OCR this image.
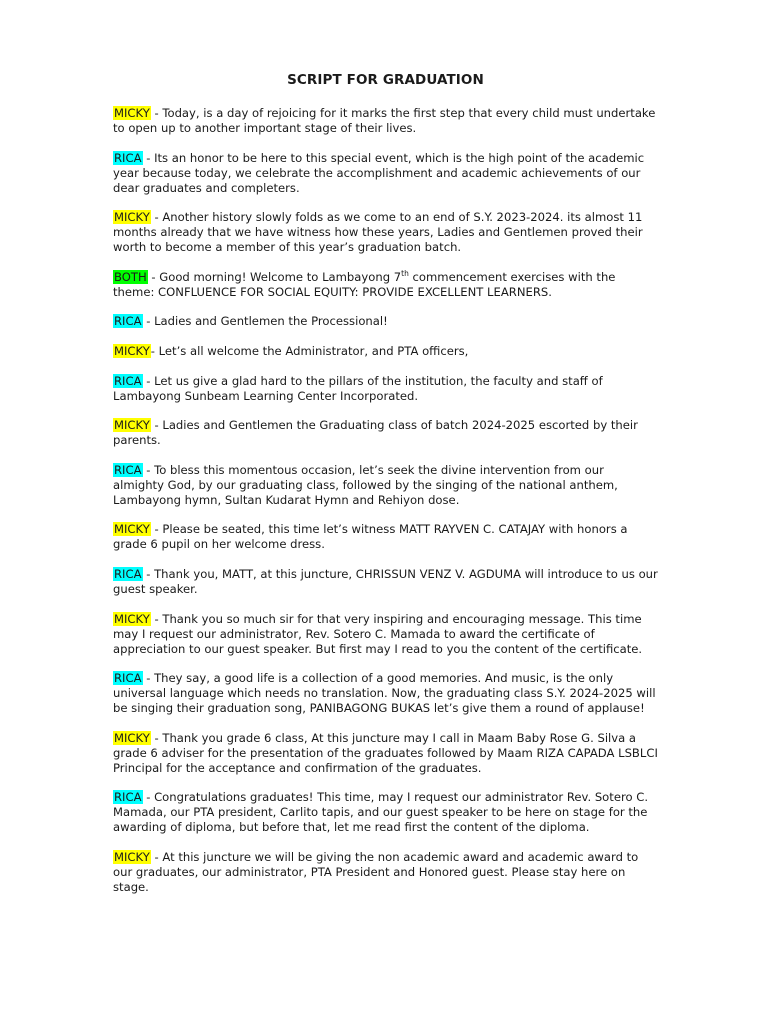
SCRIPT FOR GRADUATION
MICKY - Today, is a day of rejoicing for it marks the first step that every child must undertake to open up to another important stage of their lives.
RICA - Its an honor to be here to this special event, which is the high point of the academic year because today, we celebrate the accomplishment and academic achievements of our dear graduates and completers.
MICKY - Another history slowly folds as we come to an end of S.Y. 2023-2024. its almost 11 months already that we have witness how these years, Ladies and Gentlemen proved their worth to become a member of this year’s graduation batch.
BOTH - Good morning! Welcome to Lambayong 7th commencement exercises with the theme: CONFLUENCE FOR SOCIAL EQUITY: PROVIDE EXCELLENT LEARNERS.
RICA - Ladies and Gentlemen the Processional!
MICKY- Let’s all welcome the Administrator, and PTA officers,
RICA - Let us give a glad hard to the pillars of the institution, the faculty and staff of Lambayong Sunbeam Learning Center Incorporated.
MICKY - Ladies and Gentlemen the Graduating class of batch 2024-2025 escorted by their parents.
RICA - To bless this momentous occasion, let’s seek the divine intervention from our almighty God, by our graduating class, followed by the singing of the national anthem, Lambayong hymn, Sultan Kudarat Hymn and Rehiyon dose.
MICKY - Please be seated, this time let’s witness MATT RAYVEN C. CATAJAY with honors a grade 6 pupil on her welcome dress.
RICA - Thank you, MATT, at this juncture, CHRISSUN VENZ V. AGDUMA will introduce to us our guest speaker.
MICKY - Thank you so much sir for that very inspiring and encouraging message. This time may I request our administrator, Rev. Sotero C. Mamada to award the certificate of appreciation to our guest speaker. But first may I read to you the content of the certificate.
RICA - They say, a good life is a collection of a good memories. And music, is the only universal language which needs no translation. Now, the graduating class S.Y. 2024-2025 will be singing their graduation song, PANIBAGONG BUKAS let’s give them a round of applause!
MICKY - Thank you grade 6 class, At this juncture may I call in Maam Baby Rose G. Silva a grade 6 adviser for the presentation of the graduates followed by Maam RIZA CAPADA LSBLCI Principal for the acceptance and confirmation of the graduates.
RICA - Congratulations graduates! This time, may I request our administrator Rev. Sotero C. Mamada, our PTA president, Carlito tapis, and our guest speaker to be here on stage for the awarding of diploma, but before that, let me read first the content of the diploma.
MICKY - At this juncture we will be giving the non academic award and academic award to our graduates, our administrator, PTA President and Honored guest. Please stay here on stage.
